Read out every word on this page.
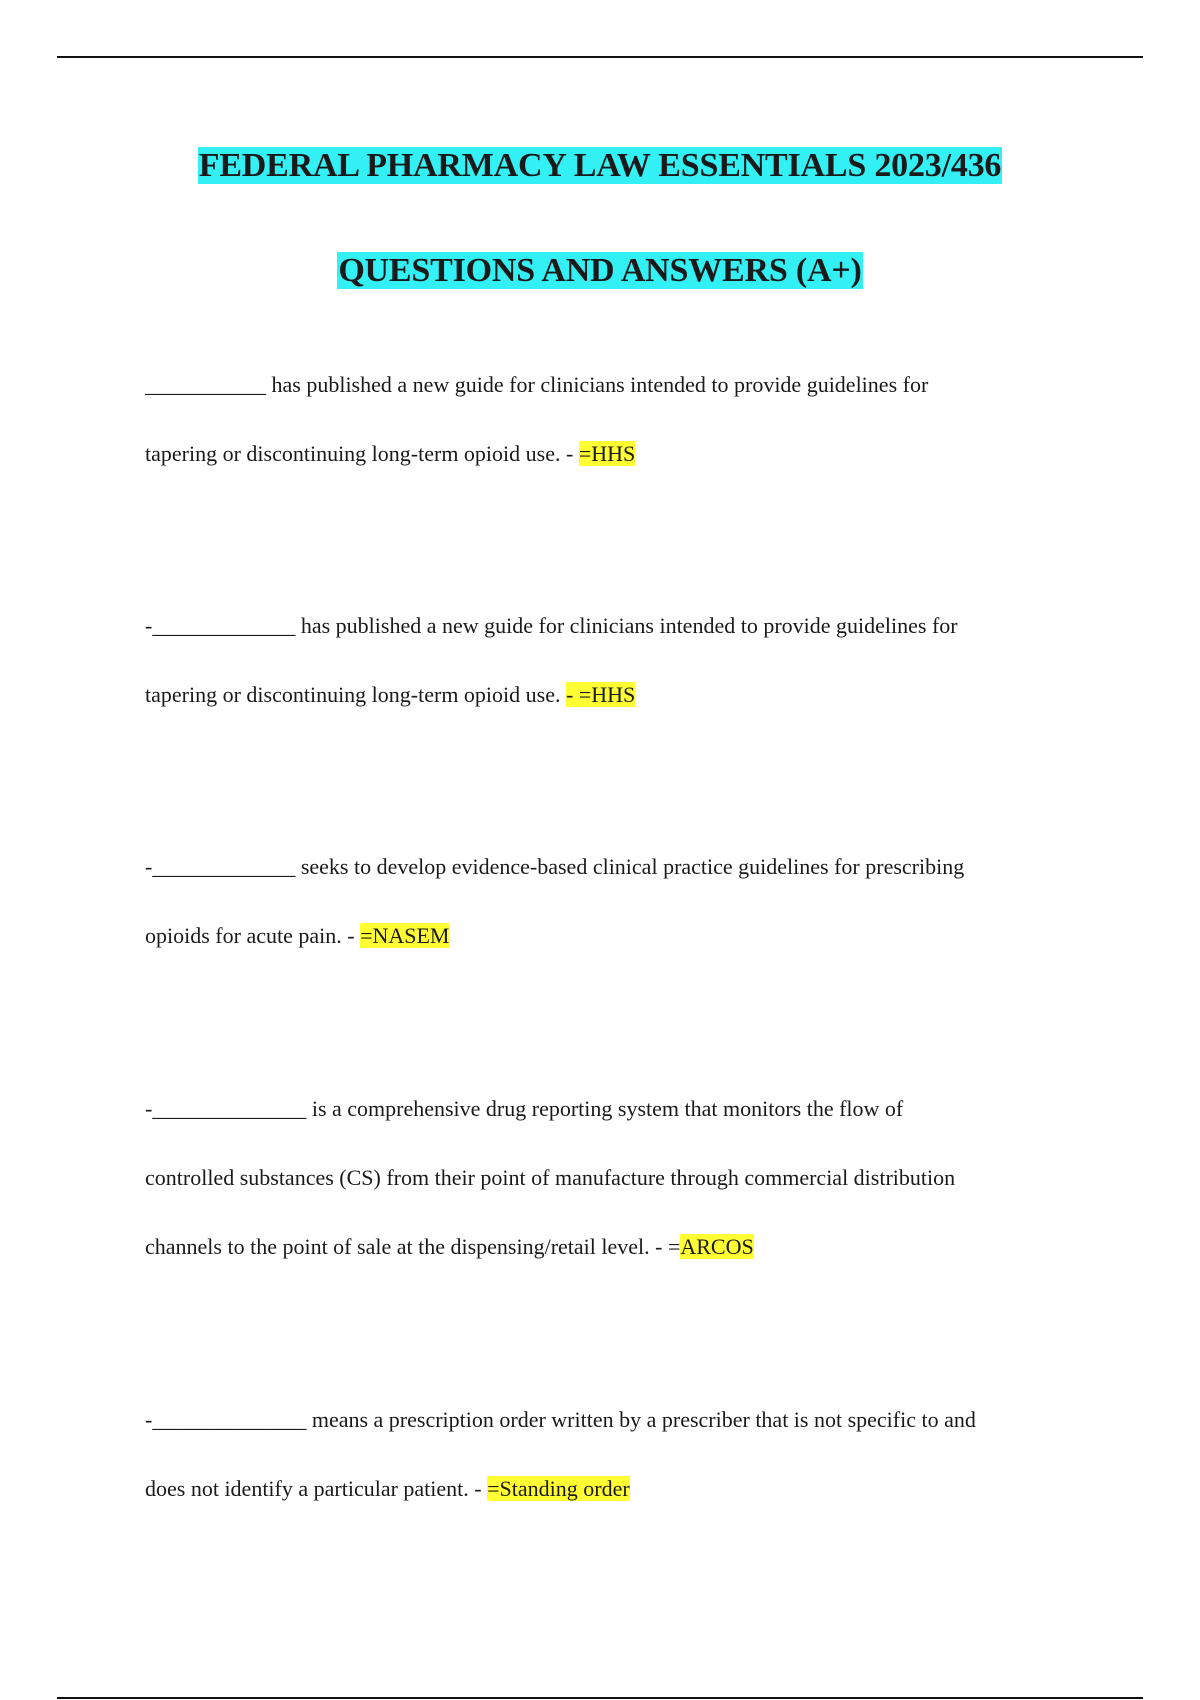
FEDERAL PHARMACY LAW ESSENTIALS 2023/436
QUESTIONS AND ANSWERS (A+)

___________ has published a new guide for clinicians intended to provide guidelines for

tapering or discontinuing long-term opioid use. - =HHS

-_____________ has published a new guide for clinicians intended to provide guidelines for

tapering or discontinuing long-term opioid use. - =HHS

-_____________ seeks to develop evidence-based clinical practice guidelines for prescribing

opioids for acute pain. - =NASEM

-______________ is a comprehensive drug reporting system that monitors the flow of

controlled substances (CS) from their point of manufacture through commercial distribution

channels to the point of sale at the dispensing/retail level. - =ARCOS

-______________ means a prescription order written by a prescriber that is not specific to and

does not identify a particular patient. - =Standing order
